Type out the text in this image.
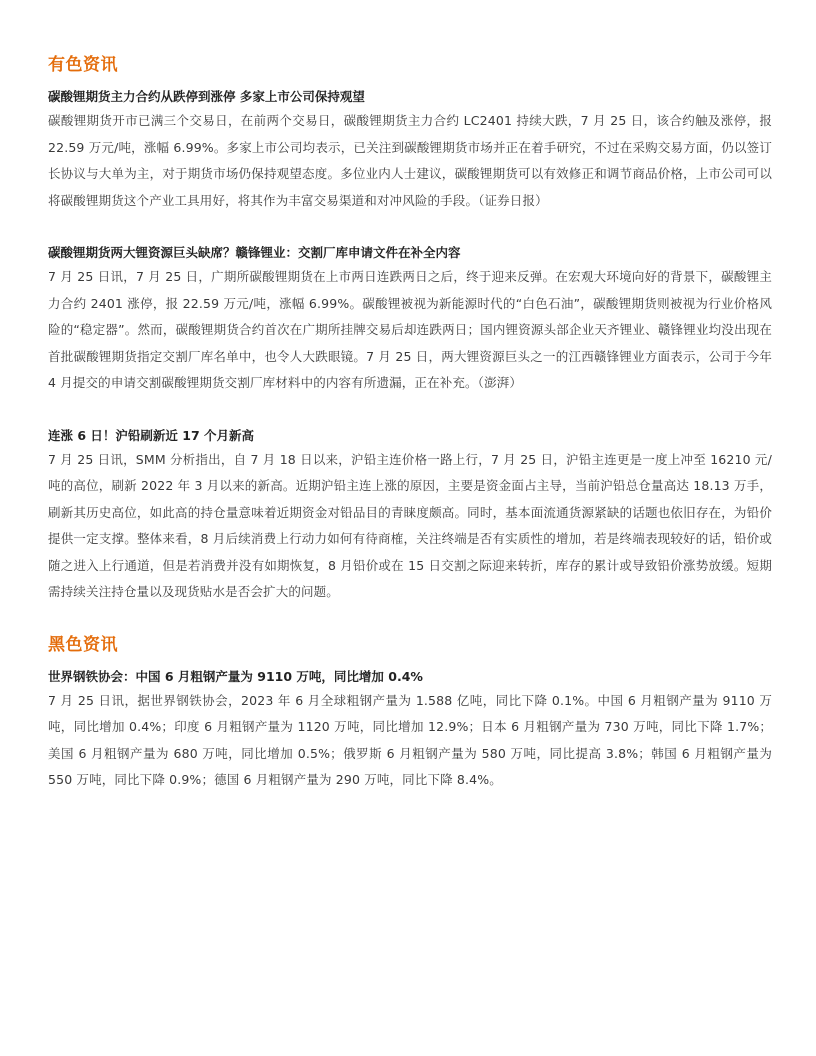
有色资讯

碳酸锂期货主力合约从跌停到涨停 多家上市公司保持观望

碳酸锂期货开市已满三个交易日，在前两个交易日，碳酸锂期货主力合约 LC2401 持续大跌，7 月 25 日，该合约触及涨停，报 22.59 万元/吨，涨幅 6.99%。多家上市公司均表示，已关注到碳酸锂期货市场并正在着手研究，不过在采购交易方面，仍以签订长协议与大单为主，对于期货市场仍保持观望态度。多位业内人士建议，碳酸锂期货可以有效修正和调节商品价格，上市公司可以将碳酸锂期货这个产业工具用好，将其作为丰富交易渠道和对冲风险的手段。（证券日报）

碳酸锂期货两大锂资源巨头缺席？赣锋锂业：交割厂库申请文件在补全内容

7 月 25 日讯，7 月 25 日，广期所碳酸锂期货在上市两日连跌两日之后，终于迎来反弹。在宏观大环境向好的背景下，碳酸锂主力合约 2401 涨停，报 22.59 万元/吨，涨幅 6.99%。碳酸锂被视为新能源时代的“白色石油”，碳酸锂期货则被视为行业价格风险的“稳定器”。然而，碳酸锂期货合约首次在广期所挂牌交易后却连跌两日；国内锂资源头部企业天齐锂业、赣锋锂业均没出现在首批碳酸锂期货指定交割厂库名单中，也令人大跌眼镜。7 月 25 日，两大锂资源巨头之一的江西赣锋锂业方面表示，公司于今年 4 月提交的申请交割碳酸锂期货交割厂库材料中的内容有所遗漏，正在补充。（澎湃）

连涨 6 日！沪铅刷新近 17 个月新高

7 月 25 日讯，SMM 分析指出，自 7 月 18 日以来，沪铅主连价格一路上行，7 月 25 日，沪铅主连更是一度上冲至 16210 元/吨的高位，刷新 2022 年 3 月以来的新高。近期沪铅主连上涨的原因，主要是资金面占主导，当前沪铅总仓量高达 18.13 万手，刷新其历史高位，如此高的持仓量意味着近期资金对铅品目的青睐度颇高。同时，基本面流通货源紧缺的话题也依旧存在，为铅价提供一定支撑。整体来看，8 月后续消费上行动力如何有待商榷，关注终端是否有实质性的增加，若是终端表现较好的话，铅价或随之进入上行通道，但是若消费并没有如期恢复，8 月铅价或在 15 日交割之际迎来转折，库存的累计或导致铅价涨势放缓。短期需持续关注持仓量以及现货贴水是否会扩大的问题。

黑色资讯

世界钢铁协会：中国 6 月粗钢产量为 9110 万吨，同比增加 0.4%

7 月 25 日讯，据世界钢铁协会，2023 年 6 月全球粗钢产量为 1.588 亿吨，同比下降 0.1%。中国 6 月粗钢产量为 9110 万吨，同比增加 0.4%；印度 6 月粗钢产量为 1120 万吨，同比增加 12.9%；日本 6 月粗钢产量为 730 万吨，同比下降 1.7%；美国 6 月粗钢产量为 680 万吨，同比增加 0.5%；俄罗斯 6 月粗钢产量为 580 万吨，同比提高 3.8%；韩国 6 月粗钢产量为 550 万吨，同比下降 0.9%；德国 6 月粗钢产量为 290 万吨，同比下降 8.4%。
